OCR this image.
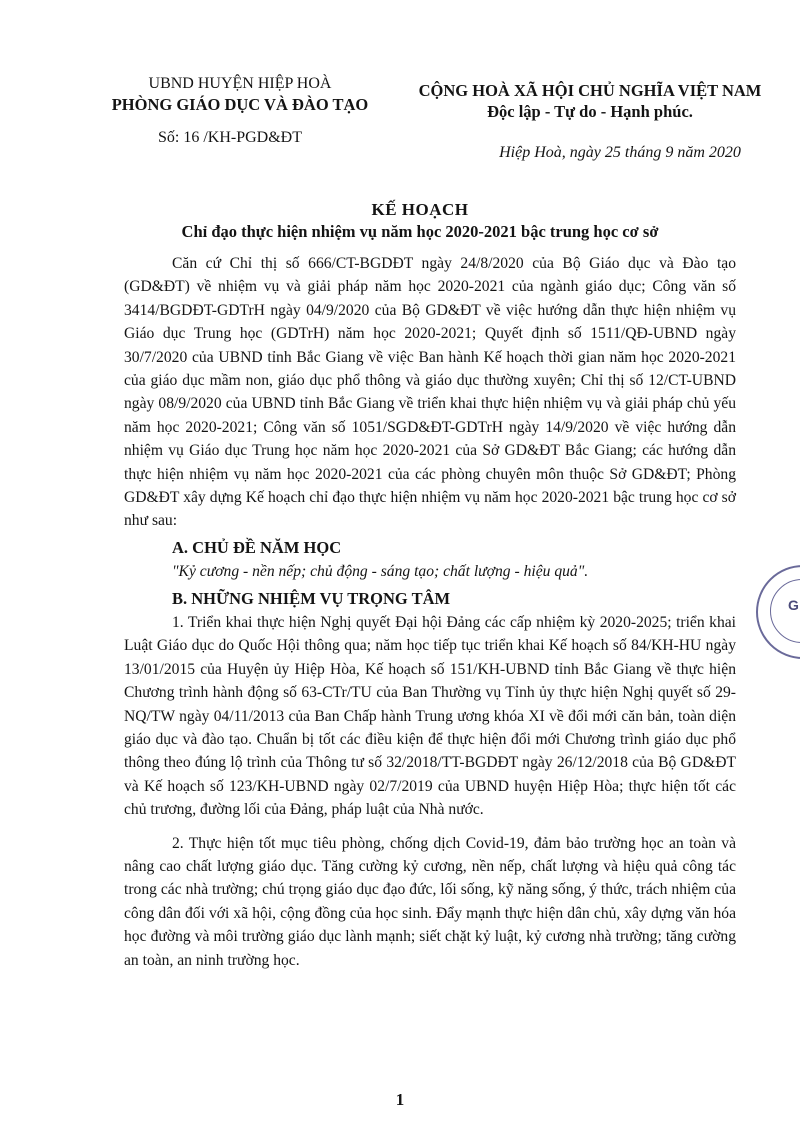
UBND HUYỆN HIỆP HOÀ
PHÒNG GIÁO DỤC VÀ ĐÀO TẠO
Số: 16 /KH-PGD&ĐT
CỘNG HOÀ XÃ HỘI CHỦ NGHĨA VIỆT NAM
Độc lập - Tự do - Hạnh phúc.
Hiệp Hoà, ngày 25 tháng 9 năm 2020
KẾ HOẠCH
Chỉ đạo thực hiện nhiệm vụ năm học 2020-2021 bậc trung học cơ sở

Căn cứ Chỉ thị số 666/CT-BGDĐT ngày 24/8/2020 của Bộ Giáo dục và Đào tạo (GD&ĐT) về nhiệm vụ và giải pháp năm học 2020-2021 của ngành giáo dục; Công văn số 3414/BGDĐT-GDTrH ngày 04/9/2020 của Bộ GD&ĐT về việc hướng dẫn thực hiện nhiệm vụ Giáo dục Trung học (GDTrH) năm học 2020-2021; Quyết định số 1511/QĐ-UBND ngày 30/7/2020 của UBND tỉnh Bắc Giang về việc Ban hành Kế hoạch thời gian năm học 2020-2021 của giáo dục mầm non, giáo dục phổ thông và giáo dục thường xuyên; Chỉ thị số 12/CT-UBND ngày 08/9/2020 của UBND tỉnh Bắc Giang về triển khai thực hiện nhiệm vụ và giải pháp chủ yếu năm học 2020-2021; Công văn số 1051/SGD&ĐT-GDTrH ngày 14/9/2020 về việc hướng dẫn nhiệm vụ Giáo dục Trung học năm học 2020-2021 của Sở GD&ĐT Bắc Giang; các hướng dẫn thực hiện nhiệm vụ năm học 2020-2021 của các phòng chuyên môn thuộc Sở GD&ĐT; Phòng GD&ĐT xây dựng Kế hoạch chỉ đạo thực hiện nhiệm vụ năm học 2020-2021 bậc trung học cơ sở như sau:

A. CHỦ ĐỀ NĂM HỌC
"Kỷ cương - nền nếp; chủ động - sáng tạo; chất lượng - hiệu quả".
B. NHỮNG NHIỆM VỤ TRỌNG TÂM

1. Triển khai thực hiện Nghị quyết Đại hội Đảng các cấp nhiệm kỳ 2020-2025; triển khai Luật Giáo dục do Quốc Hội thông qua; năm học tiếp tục triển khai Kế hoạch số 84/KH-HU ngày 13/01/2015 của Huyện ủy Hiệp Hòa, Kế hoạch số 151/KH-UBND tỉnh Bắc Giang về thực hiện Chương trình hành động số 63-CTr/TU của Ban Thường vụ Tỉnh ủy thực hiện Nghị quyết số 29-NQ/TW ngày 04/11/2013 của Ban Chấp hành Trung ương khóa XI về đổi mới căn bản, toàn diện giáo dục và đào tạo. Chuẩn bị tốt các điều kiện để thực hiện đổi mới Chương trình giáo dục phổ thông theo đúng lộ trình của Thông tư số 32/2018/TT-BGDĐT ngày 26/12/2018 của Bộ GD&ĐT và Kế hoạch số 123/KH-UBND ngày 02/7/2019 của UBND huyện Hiệp Hòa; thực hiện tốt các chủ trương, đường lối của Đảng, pháp luật của Nhà nước.

2. Thực hiện tốt mục tiêu phòng, chống dịch Covid-19, đảm bảo trường học an toàn và nâng cao chất lượng giáo dục. Tăng cường kỷ cương, nền nếp, chất lượng và hiệu quả công tác trong các nhà trường; chú trọng giáo dục đạo đức, lối sống, kỹ năng sống, ý thức, trách nhiệm của công dân đối với xã hội, cộng đồng của học sinh. Đẩy mạnh thực hiện dân chủ, xây dựng văn hóa học đường và môi trường giáo dục lành mạnh; siết chặt kỷ luật, kỷ cương nhà trường; tăng cường an toàn, an ninh trường học.

G
1
